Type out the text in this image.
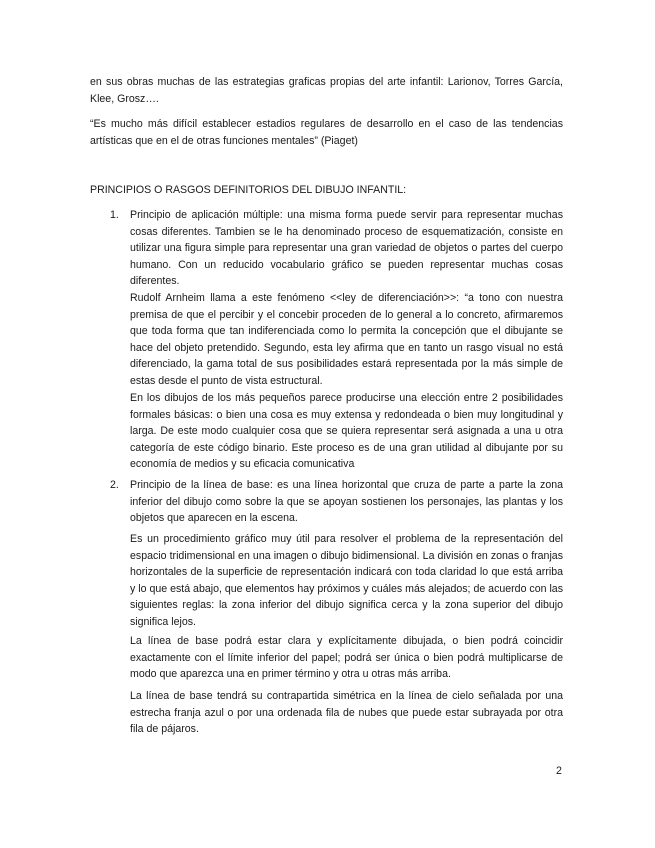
en sus obras muchas de las estrategias graficas propias del arte infantil: Larionov, Torres García, Klee, Grosz….

“Es mucho más difícil establecer estadios regulares de desarrollo en el caso de las tendencias artísticas que en el de otras funciones mentales” (Piaget)

PRINCIPIOS O RASGOS DEFINITORIOS DEL DIBUJO INFANTIL:

1. Principio de aplicación múltiple: una misma forma puede servir para representar muchas cosas diferentes. Tambien se le ha denominado proceso de esquematización, consiste en utilizar una figura simple para representar una gran variedad de objetos o partes del cuerpo humano. Con un reducido vocabulario gráfico se pueden representar muchas cosas diferentes.

Rudolf Arnheim llama a este fenómeno <<ley de diferenciación>>: “a tono con nuestra premisa de que el percibir y el concebir proceden de lo general a lo concreto, afirmaremos que toda forma que tan indiferenciada como lo permita la concepción que el dibujante se hace del objeto pretendido. Segundo, esta ley afirma que en tanto un rasgo visual no está diferenciado, la gama total de sus posibilidades estará representada por la más simple de estas desde el punto de vista estructural.

En los dibujos de los más pequeños parece producirse una elección entre 2 posibilidades formales básicas: o bien una cosa es muy extensa y redondeada o bien muy longitudinal y larga. De este modo cualquier cosa que se quiera representar será asignada a una u otra categoría de este código binario. Este proceso es de una gran utilidad al dibujante por su economía de medios y su eficacia comunicativa

2. Principio de la línea de base: es una línea horizontal que cruza de parte a parte la zona inferior del dibujo como sobre la que se apoyan sostienen los personajes, las plantas y los objetos que aparecen en la escena.

Es un procedimiento gráfico muy útil para resolver el problema de la representación del espacio tridimensional en una imagen o dibujo bidimensional. La división en zonas o franjas horizontales de la superficie de representación indicará con toda claridad lo que está arriba y lo que está abajo, que elementos hay próximos y cuáles más alejados; de acuerdo con las siguientes reglas: la zona inferior del dibujo significa cerca y la zona superior del dibujo significa lejos.

La línea de base podrá estar clara y explícitamente dibujada, o bien podrá coincidir exactamente con el límite inferior del papel; podrá ser única o bien podrá multiplicarse de modo que aparezca una en primer término y otra u otras más arriba.

La línea de base tendrá su contrapartida simétrica en la línea de cielo señalada por una estrecha franja azul o por una ordenada fila de nubes que puede estar subrayada por otra fila de pájaros.

2
